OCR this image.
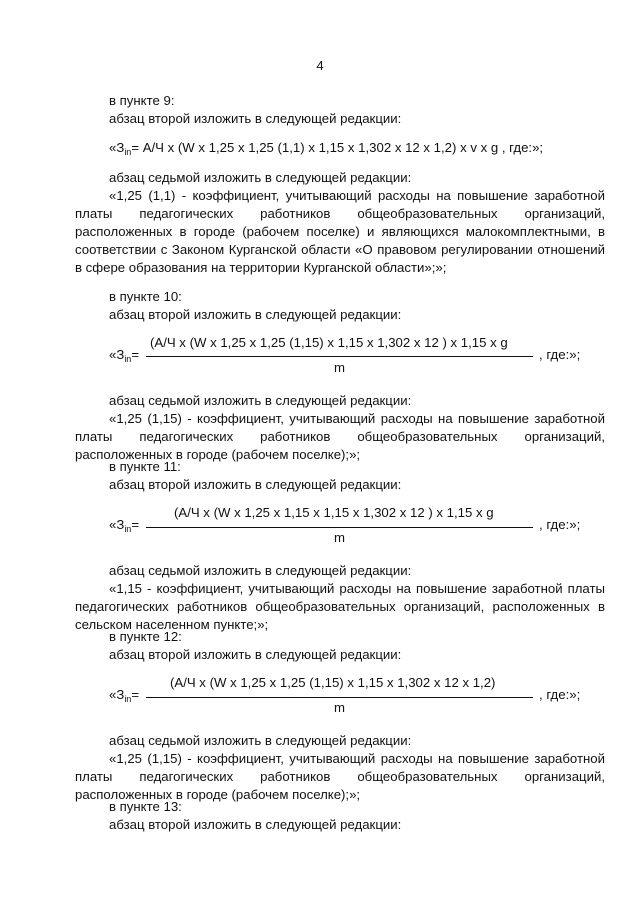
4
в пункте 9:
абзац второй изложить в следующей редакции:
«$З_{in}= А/Ч$ х (W х 1,25 х 1,25 (1,1) х 1,15 х 1,302 х 12 х 1,2) х v х g , где:»;
абзац седьмой изложить в следующей редакции:
«1,25 (1,1) - коэффициент, учитывающий расходы на повышение заработной платы педагогических работников общеобразовательных организаций, расположенных в городе (рабочем поселке) и являющихся малокомплектными, в соответствии с Законом Курганской области «О правовом регулировании отношений в сфере образования на территории Курганской области»;»;
в пункте 10:
абзац второй изложить в следующей редакции:
«$З_{in}=$
(А/Ч х (W х 1,25 х 1,25 (1,15) х 1,15 х 1,302 х 12 ) х 1,15 х g
m
, где:»;
абзац седьмой изложить в следующей редакции:
«1,25 (1,15) - коэффициент, учитывающий расходы на повышение заработной платы педагогических работников общеобразовательных организаций, расположенных в городе (рабочем поселке);»;
в пункте 11:
абзац второй изложить в следующей редакции:
«$З_{in}=$
(А/Ч х (W х 1,25 х 1,15 х 1,15 х 1,302 х 12 ) х 1,15 х g
m
, где:»;
абзац седьмой изложить в следующей редакции:
«1,15 - коэффициент, учитывающий расходы на повышение заработной платы педагогических работников общеобразовательных организаций, расположенных в сельском населенном пункте;»;
в пункте 12:
абзац второй изложить в следующей редакции:
«$З_{in}=$
(А/Ч х (W х 1,25 х 1,25 (1,15) х 1,15 х 1,302 х 12 х 1,2)
m
, где:»;
абзац седьмой изложить в следующей редакции:
«1,25 (1,15) - коэффициент, учитывающий расходы на повышение заработной платы педагогических работников общеобразовательных организаций, расположенных в городе (рабочем поселке);»;
в пункте 13:
абзац второй изложить в следующей редакции:
